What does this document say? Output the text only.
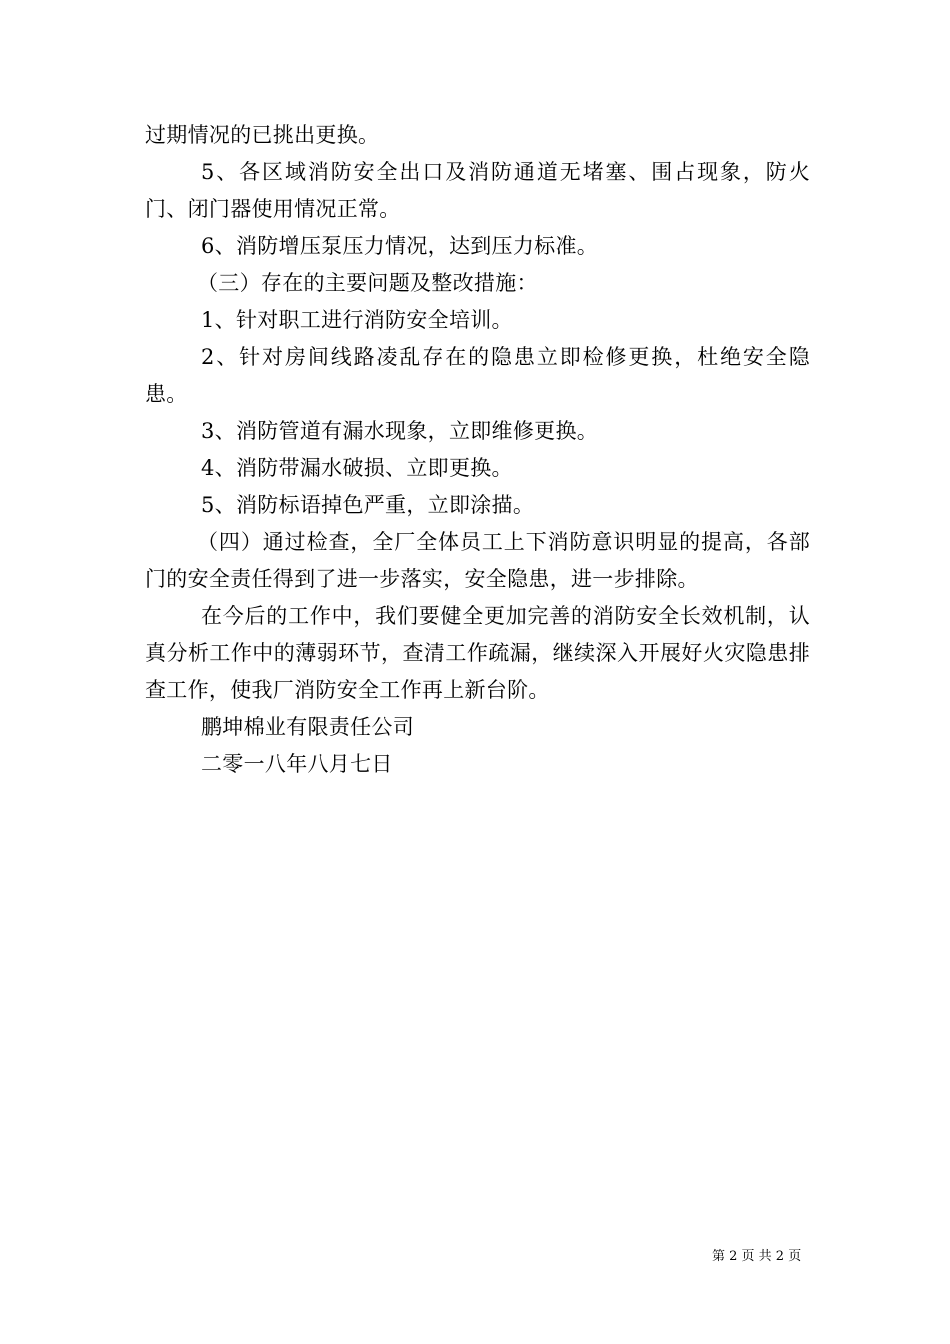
过期情况的已挑出更换。

5、各区域消防安全出口及消防通道无堵塞、围占现象，防火门、闭门器使用情况正常。

6、消防增压泵压力情况，达到压力标准。

（三）存在的主要问题及整改措施：

1、针对职工进行消防安全培训。

2、针对房间线路凌乱存在的隐患立即检修更换，杜绝安全隐患。

3、消防管道有漏水现象，立即维修更换。

4、消防带漏水破损、立即更换。

5、消防标语掉色严重，立即涂描。

（四）通过检查，全厂全体员工上下消防意识明显的提高，各部门的安全责任得到了进一步落实，安全隐患，进一步排除。

在今后的工作中，我们要健全更加完善的消防安全长效机制，认真分析工作中的薄弱环节，查清工作疏漏，继续深入开展好火灾隐患排查工作，使我厂消防安全工作再上新台阶。

鹏坤棉业有限责任公司

二零一八年八月七日

第 2 页 共 2 页
